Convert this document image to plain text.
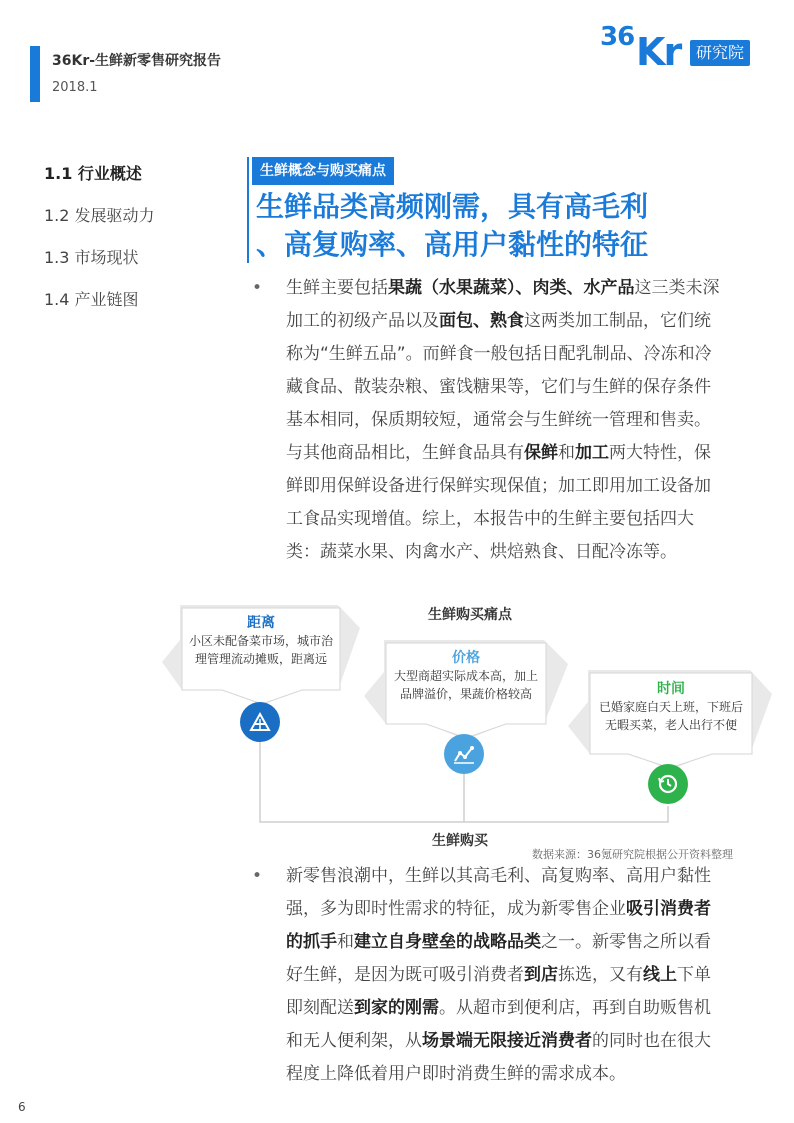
36Kr-生鲜新零售研究报告
2018.1
36 Kr 研究院
1.1 行业概述
1.2 发展驱动力
1.3 市场现状
1.4 产业链图
生鲜概念与购买痛点
生鲜品类高频刚需，具有高毛利
、高复购率、高用户黏性的特征
•	生鲜主要包括果蔬（水果蔬菜）、肉类、水产品这三类未深加工的初级产品以及面包、熟食这两类加工制品，它们统称为“生鲜五品”。而鲜食一般包括日配乳制品、冷冻和冷藏食品、散装杂粮、蜜饯糖果等，它们与生鲜的保存条件基本相同，保质期较短，通常会与生鲜统一管理和售卖。与其他商品相比，生鲜食品具有保鲜和加工两大特性，保鲜即用保鲜设备进行保鲜实现保值；加工即用加工设备加工食品实现增值。综上，本报告中的生鲜主要包括四大类：蔬菜水果、肉禽水产、烘焙熟食、日配冷冻等。
生鲜购买痛点
距离
小区未配备菜市场，城市治理管理流动摊贩，距离远	价格
大型商超实际成本高，加上品牌溢价，果蔬价格较高	时间
已婚家庭白天上班，下班后无暇买菜，老人出行不便
生鲜购买
数据来源：36氪研究院根据公开资料整理
•	新零售浪潮中，生鲜以其高毛利、高复购率、高用户黏性强，多为即时性需求的特征，成为新零售企业吸引消费者的抓手和建立自身壁垒的战略品类之一。新零售之所以看好生鲜，是因为既可吸引消费者到店拣选，又有线上下单即刻配送到家的刚需。从超市到便利店，再到自助贩售机和无人便利架，从场景端无限接近消费者的同时也在很大程度上降低着用户即时消费生鲜的需求成本。
6
